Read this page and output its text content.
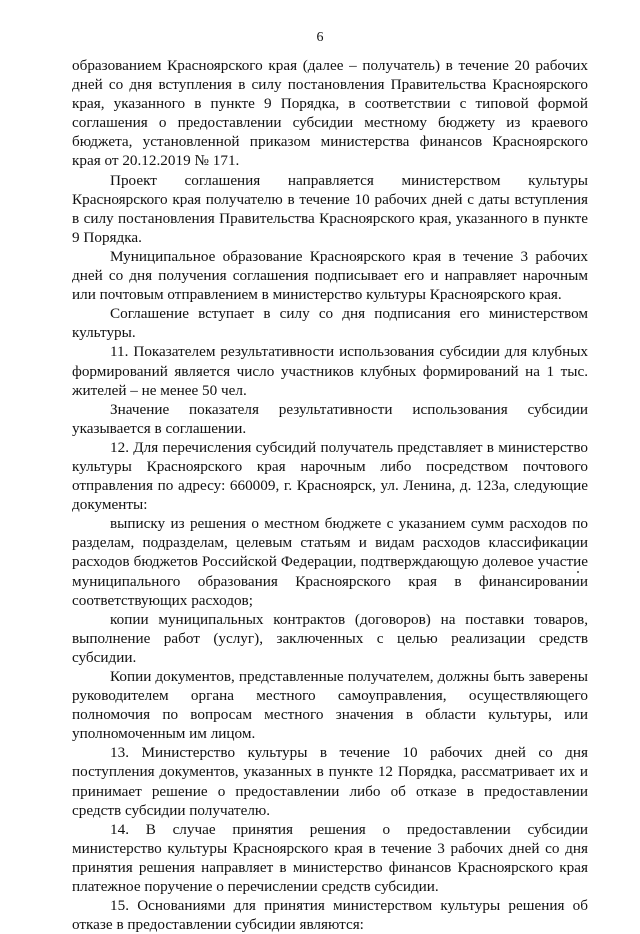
6

образованием Красноярского края (далее – получатель) в течение 20 рабочих дней со дня вступления в силу постановления Правительства Красноярского края, указанного в пункте 9 Порядка, в соответствии с типовой формой соглашения о предоставлении субсидии местному бюджету из краевого бюджета, установленной приказом министерства финансов Красноярского края от 20.12.2019 № 171.

Проект соглашения направляется министерством культуры Красноярского края получателю в течение 10 рабочих дней с даты вступления в силу постановления Правительства Красноярского края, указанного в пункте 9 Порядка.

Муниципальное образование Красноярского края в течение 3 рабочих дней со дня получения соглашения подписывает его и направляет нарочным или почтовым отправлением в министерство культуры Красноярского края.

Соглашение вступает в силу со дня подписания его министерством культуры.

11. Показателем результативности использования субсидии для клубных формирований является число участников клубных формирований на 1 тыс. жителей – не менее 50 чел.

Значение показателя результативности использования субсидии указывается в соглашении.

12. Для перечисления субсидий получатель представляет в министерство культуры Красноярского края нарочным либо посредством почтового отправления по адресу: 660009, г. Красноярск, ул. Ленина, д. 123а, следующие документы:

выписку из решения о местном бюджете с указанием сумм расходов по разделам, подразделам, целевым статьям и видам расходов классификации расходов бюджетов Российской Федерации, подтверждающую долевое участие муниципального образования Красноярского края в финансировании соответствующих расходов;

копии муниципальных контрактов (договоров) на поставки товаров, выполнение работ (услуг), заключенных с целью реализации средств субсидии.

Копии документов, представленные получателем, должны быть заверены руководителем органа местного самоуправления, осуществляющего полномочия по вопросам местного значения в области культуры, или уполномоченным им лицом.

13. Министерство культуры в течение 10 рабочих дней со дня поступления документов, указанных в пункте 12 Порядка, рассматривает их и принимает решение о предоставлении либо об отказе в предоставлении средств субсидии получателю.

14. В случае принятия решения о предоставлении субсидии министерство культуры Красноярского края в течение 3 рабочих дней со дня принятия решения направляет в министерство финансов Красноярского края платежное поручение о перечислении средств субсидии.

15. Основаниями для принятия министерством культуры решения об отказе в предоставлении субсидии являются:
